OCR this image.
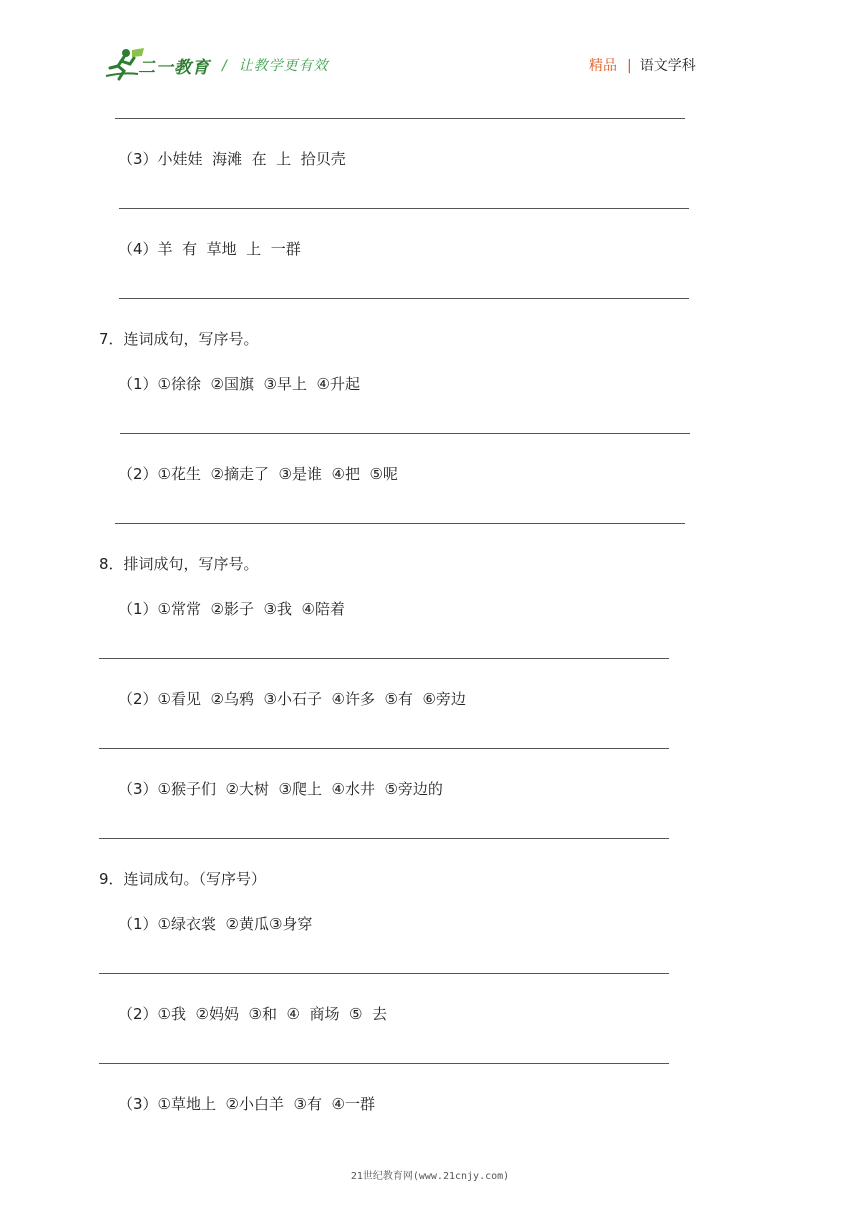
二一教育 / 让教学更有效	精品 | 语文学科
（3）小娃娃  海滩  在  上  拾贝壳
（4）羊  有  草地  上  一群
7．连词成句，写序号。
（1）①徐徐  ②国旗  ③早上  ④升起
（2）①花生  ②摘走了  ③是谁  ④把  ⑤呢
8．排词成句，写序号。
（1）①常常  ②影子  ③我  ④陪着
（2）①看见  ②乌鸦  ③小石子  ④许多  ⑤有  ⑥旁边
（3）①猴子们  ②大树  ③爬上  ④水井  ⑤旁边的
9．连词成句。（写序号）
（1）①绿衣裳  ②黄瓜③身穿
（2）①我  ②妈妈  ③和  ④  商场  ⑤  去
（3）①草地上  ②小白羊  ③有  ④一群
21世纪教育网(www.21cnjy.com)
